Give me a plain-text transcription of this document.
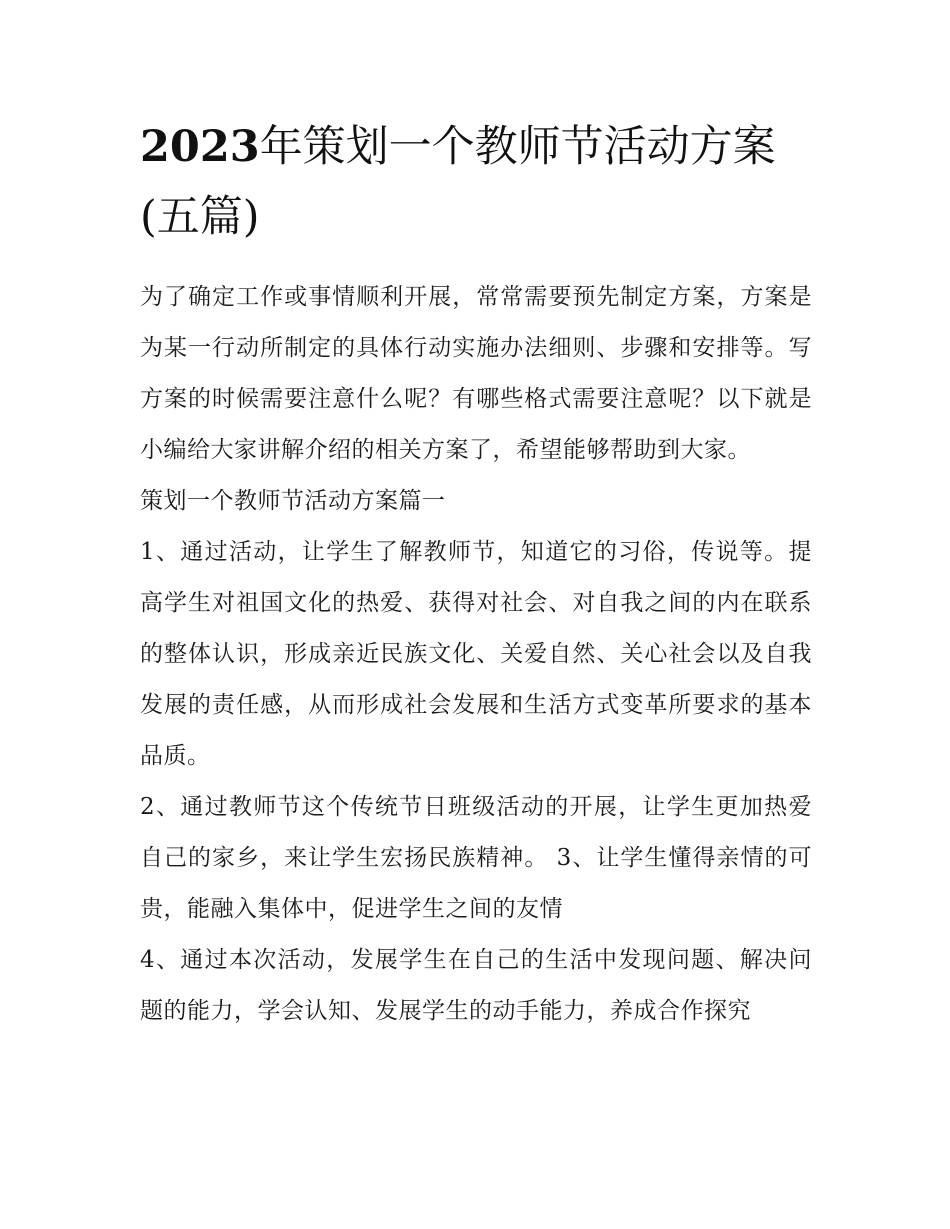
2023年策划一个教师节活动方案(五篇)

为了确定工作或事情顺利开展，常常需要预先制定方案，方案是为某一行动所制定的具体行动实施办法细则、步骤和安排等。写方案的时候需要注意什么呢？有哪些格式需要注意呢？以下就是小编给大家讲解介绍的相关方案了，希望能够帮助到大家。

策划一个教师节活动方案篇一

1、通过活动，让学生了解教师节，知道它的习俗，传说等。提高学生对祖国文化的热爱、获得对社会、对自我之间的内在联系的整体认识，形成亲近民族文化、关爱自然、关心社会以及自我发展的责任感，从而形成社会发展和生活方式变革所要求的基本品质。

2、通过教师节这个传统节日班级活动的开展，让学生更加热爱自己的家乡，来让学生宏扬民族精神。 3、让学生懂得亲情的可贵，能融入集体中，促进学生之间的友情

4、通过本次活动，发展学生在自己的生活中发现问题、解决问题的能力，学会认知、发展学生的动手能力，养成合作探究
